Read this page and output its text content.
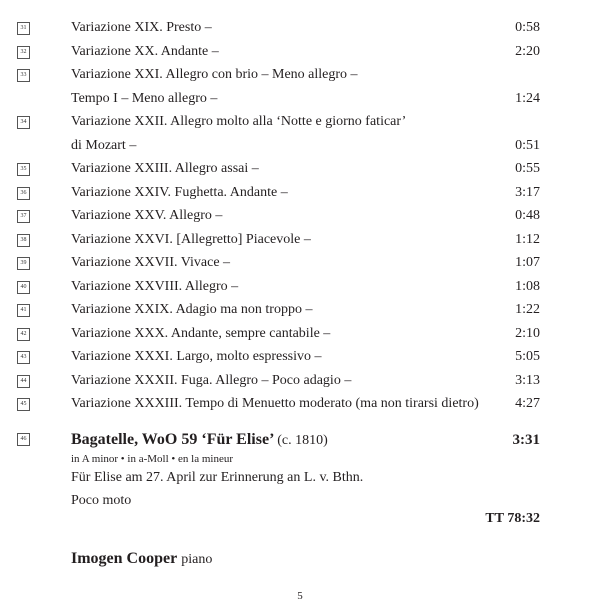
31	Variazione XIX. Presto –	0:58
32	Variazione XX. Andante –	2:20
33	Variazione XXI. Allegro con brio – Meno allegro –
Tempo I – Meno allegro –	1:24
34	Variazione XXII. Allegro molto alla ‘Notte e giorno faticar’
di Mozart –	0:51
35	Variazione XXIII. Allegro assai –	0:55
36	Variazione XXIV. Fughetta. Andante –	3:17
37	Variazione XXV. Allegro –	0:48
38	Variazione XXVI. [Allegretto] Piacevole –	1:12
39	Variazione XXVII. Vivace –	1:07
40	Variazione XXVIII. Allegro –	1:08
41	Variazione XXIX. Adagio ma non troppo –	1:22
42	Variazione XXX. Andante, sempre cantabile –	2:10
43	Variazione XXXI. Largo, molto espressivo –	5:05
44	Variazione XXXII. Fuga. Allegro – Poco adagio –	3:13
45	Variazione XXXIII. Tempo di Menuetto moderato (ma non tirarsi dietro)	4:27
46	Bagatelle, WoO 59 ‘Für Elise’ (c. 1810)	3:31
in A minor • in a-Moll • en la mineur
Für Elise am 27. April zur Erinnerung an L. v. Bthn.
Poco moto
TT 78:32
Imogen Cooper piano
5
